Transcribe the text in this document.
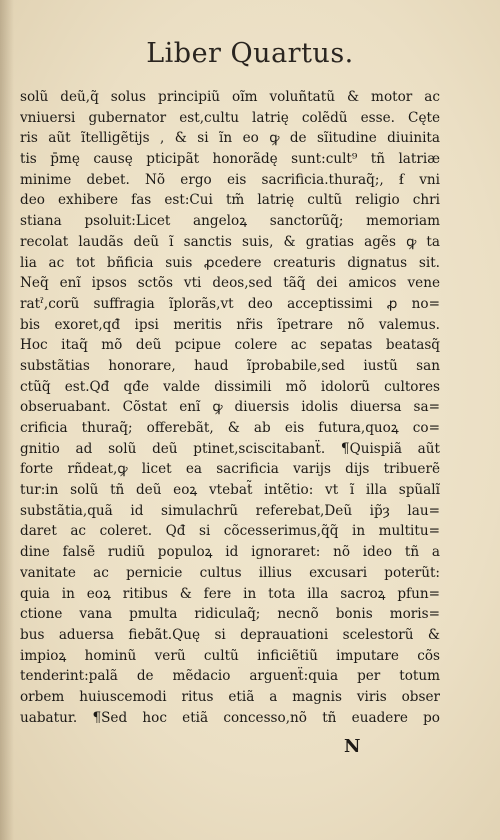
Liber Quartus.
solũ deũ,q̃ solus principiũ oĩm voluñtatũ & motor ac
vniuersi gubernator est,cultu latrię colẽdũ esse. Cęte
ris aũt ĩtelligẽtijs , & si ĩn eo ꝙ de sĩitudine diuinita
tis p̄mę causę pticipãt honorãdę sunt:cult⁹ tñ latriæ
minime debet. Nõ ergo eis sacrificia.thuraq̃;, ẜ vni
deo exhibere fas est:Cui tm̃ latrię cultũ religio chri
stiana psoluit:Licet angeloꝝ sanctorũq̃; memoriam
recolat laudãs deũ ĩ sanctis suis, & gratias agẽs ꝙ ta
lia ac tot bñficia suis ꝓcedere creaturis dignatus sit.
Neq̃ enĩ ipsos sctõs vti deos,sed tãq̃ dei amicos vene
ratˀ,corũ suffragia ĩplorãs,vt deo acceptissimi ꝓ no=
bis exoret,qđ ipsi meritis nr̃is ĩpetrare nõ valemus.
Hoc itaq̃ mõ deũ pcipue colere ac sepatas beatasq̃
substãtias honorare, haud ĩprobabile,sed iustũ san
ctũq̃ est.Qđ qđe valde dissimili mõ idolorũ cultores
obseruabant. Cõstat enĩ ꝙ diuersis idolis diuersa sa=
crificia thuraq̃; offerebãt, & ab eis futura,quoꝝ co=
gnitio ad solũ deũ ptinet,sciscitabanẗ. ¶Quispiã aũt
forte rñdeat,ꝙ licet ea sacrificia varijs dijs tribuerẽ
tur:in solũ tñ deũ eoꝝ vtebat̃ intẽtio: vt ĩ illa spũalĩ
substãtia,quã id simulachrũ referebat,Deũ ip̃ȝ lau=
daret ac coleret. Qđ si cõcesserimus,q̃q̃ in multitu=
dine falsẽ rudiũ populoꝝ id ignoraret: nõ ideo tñ a
vanitate ac pernicie cultus illius excusari poterũt:
quia in eoꝝ ritibus & fere in tota illa sacroꝝ pfun=
ctione vana pmulta ridiculaq̃; necnõ bonis moris=
bus aduersa fiebãt.Quę si deprauationi scelestorũ &
impioꝝ hominũ verũ cultũ inficiẽtiũ imputare cõs
tenderint:palã de mẽdacio arguenẗ:quia per totum
orbem huiuscemodi ritus etiã a magnis viris obser
uabatur. ¶Sed hoc etiã concesso,nõ tñ euadere po
N
